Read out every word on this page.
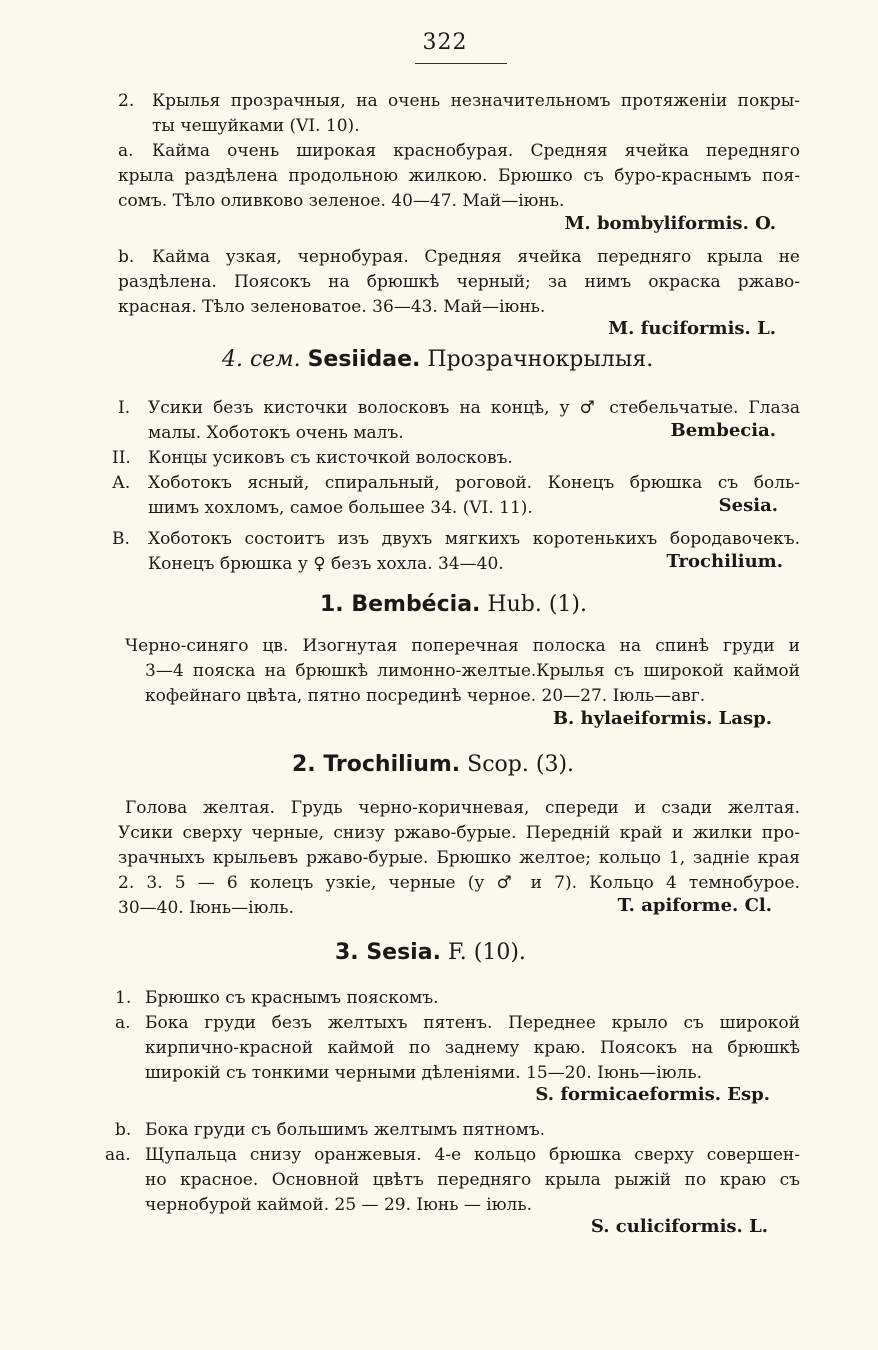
322
2. Крылья прозрачныя, на очень незначительномъ протяженіи покры-
ты чешуйками (VI. 10).
а. Кайма очень широкая краснобурая. Средняя ячейка передняго
крыла раздѣлена продольною жилкою. Брюшко съ буро-краснымъ поя-
сомъ. Тѣло оливково зеленое. 40—47. Май—іюнь.
M. bombyliformis. O.
b. Кайма узкая, чернобурая. Средняя ячейка передняго крыла не
раздѣлена. Поясокъ на брюшкѣ черный; за нимъ окраска ржаво-
красная. Тѣло зеленоватое. 36—43. Май—іюнь.
M. fuciformis. L.
4. сем. Sesiidae. Прозрачнокрылыя.
I. Усики безъ кисточки волосковъ на концѣ, у ♂ стебельчатые. Глаза
малы. Хоботокъ очень малъ.	Bembecia.
II. Концы усиковъ съ кисточкой волосковъ.
А. Хоботокъ ясный, спиральный, роговой. Конецъ брюшка съ боль-
шимъ хохломъ, самое большее 34. (VI. 11).	Sesia.
В. Хоботокъ состоитъ изъ двухъ мягкихъ коротенькихъ бородавочекъ.
Конецъ брюшка у ♀ безъ хохла. 34—40.	Trochilium.
1. Bembécia. Hub. (1).
Черно-синяго цв. Изогнутая поперечная полоска на спинѣ груди и
3—4 пояска на брюшкѣ лимонно-желтые.Крылья съ широкой каймой
кофейнаго цвѣта, пятно посрединѣ черное. 20—27. Іюль—авг.
B. hylaeiformis. Lasp.
2. Trochilium. Scop. (3).
Голова желтая. Грудь черно-коричневая, спереди и сзади желтая.
Усики сверху черные, снизу ржаво-бурые. Передній край и жилки про-
зрачныхъ крыльевъ ржаво-бурые. Брюшко желтое; кольцо 1, задніе края
2. 3. 5 — 6 колецъ узкіе, черные (у ♂ и 7). Кольцо 4 темнобурое.
30—40. Іюнь—іюль.	T. apiforme. Cl.
3. Sesia. F. (10).
1. Брюшко съ краснымъ пояскомъ.
а. Бока груди безъ желтыхъ пятенъ. Переднее крыло съ широкой
кирпично-красной каймой по заднему краю. Поясокъ на брюшкѣ
широкій съ тонкими черными дѣленіями. 15—20. Іюнь—іюль.
S. formicaeformis. Esp.
b. Бока груди съ большимъ желтымъ пятномъ.
аа. Щупальца снизу оранжевыя. 4-е кольцо брюшка сверху совершен-
но красное. Основной цвѣтъ передняго крыла рыжій по краю съ
чернобурой каймой. 25 — 29. Іюнь — іюль.
S. culiciformis. L.
